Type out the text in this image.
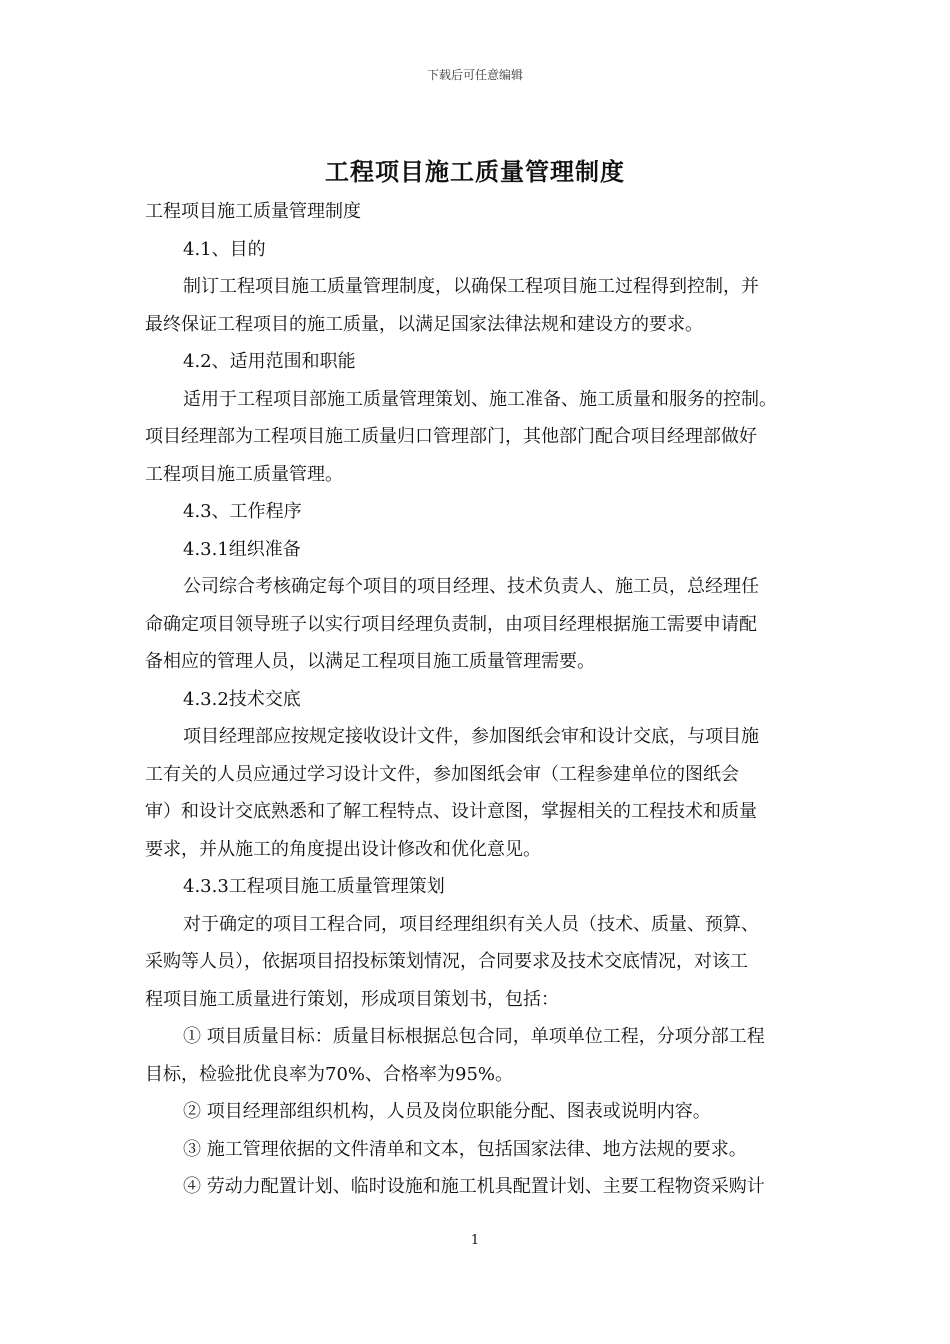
下载后可任意编辑
工程项目施工质量管理制度

工程项目施工质量管理制度

4.1、目的

制订工程项目施工质量管理制度，以确保工程项目施工过程得到控制，并

最终保证工程项目的施工质量，以满足国家法律法规和建设方的要求。

4.2、适用范围和职能

适用于工程项目部施工质量管理策划、施工准备、施工质量和服务的控制。

项目经理部为工程项目施工质量归口管理部门，其他部门配合项目经理部做好

工程项目施工质量管理。

4.3、工作程序

4.3.1组织准备

公司综合考核确定每个项目的项目经理、技术负责人、施工员，总经理任

命确定项目领导班子以实行项目经理负责制，由项目经理根据施工需要申请配

备相应的管理人员，以满足工程项目施工质量管理需要。

4.3.2技术交底

项目经理部应按规定接收设计文件，参加图纸会审和设计交底，与项目施

工有关的人员应通过学习设计文件，参加图纸会审（工程参建单位的图纸会

审）和设计交底熟悉和了解工程特点、设计意图，掌握相关的工程技术和质量

要求，并从施工的角度提出设计修改和优化意见。

4.3.3工程项目施工质量管理策划

对于确定的项目工程合同，项目经理组织有关人员（技术、质量、预算、

采购等人员），依据项目招投标策划情况，合同要求及技术交底情况，对该工

程项目施工质量进行策划，形成项目策划书，包括：

① 项目质量目标：质量目标根据总包合同，单项单位工程，分项分部工程

目标，检验批优良率为70%、合格率为95%。

② 项目经理部组织机构，人员及岗位职能分配、图表或说明内容。

③ 施工管理依据的文件清单和文本，包括国家法律、地方法规的要求。

④ 劳动力配置计划、临时设施和施工机具配置计划、主要工程物资采购计

1
